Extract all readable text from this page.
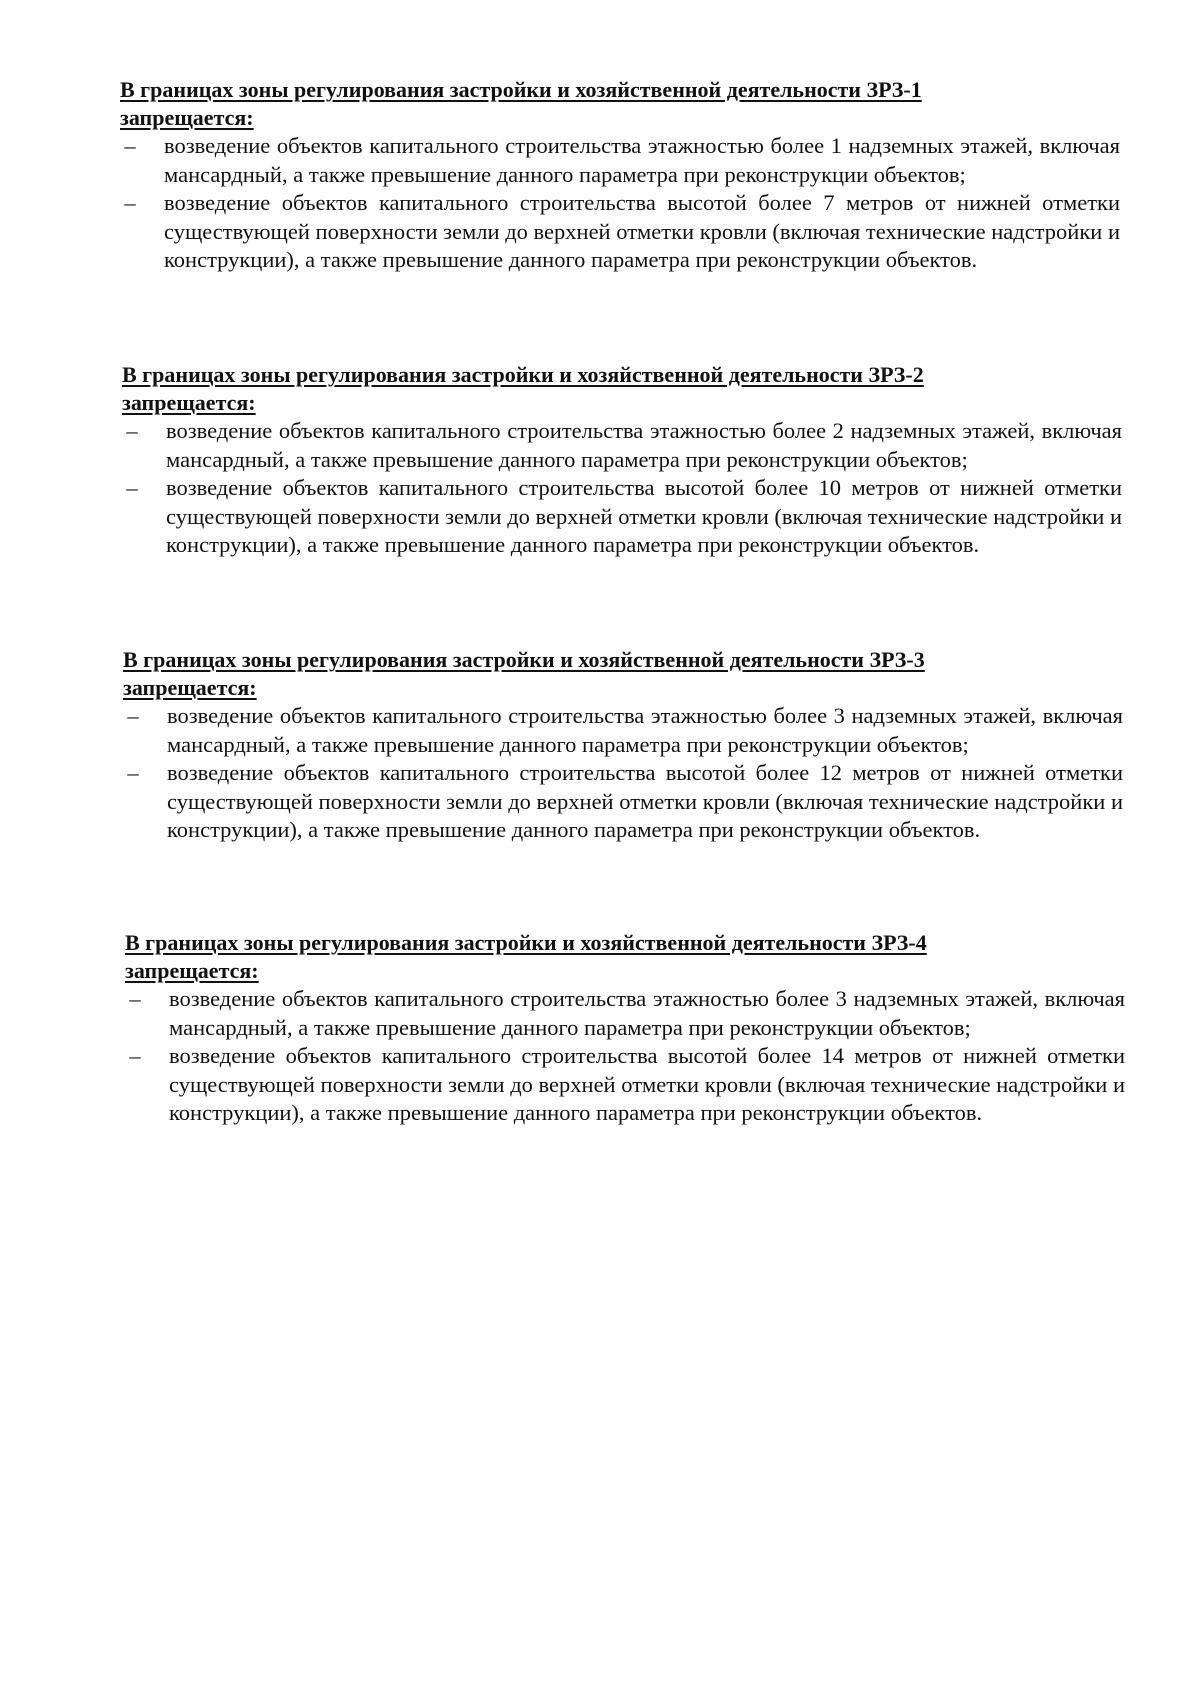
В границах зоны регулирования застройки и хозяйственной деятельности ЗРЗ-1

запрещается:

– возведение объектов капитального строительства этажностью более 1 надземных этажей, включая мансардный, а также превышение данного параметра при реконструкции объектов;
– возведение объектов капитального строительства высотой более 7 метров от нижней отметки существующей поверхности земли до верхней отметки кровли (включая технические надстройки и конструкции), а также превышение данного параметра при реконструкции объектов.

В границах зоны регулирования застройки и хозяйственной деятельности ЗРЗ-2

запрещается:

– возведение объектов капитального строительства этажностью более 2 надземных этажей, включая мансардный, а также превышение данного параметра при реконструкции объектов;
– возведение объектов капитального строительства высотой более 10 метров от нижней отметки существующей поверхности земли до верхней отметки кровли (включая технические надстройки и конструкции), а также превышение данного параметра при реконструкции объектов.

В границах зоны регулирования застройки и хозяйственной деятельности ЗРЗ-3

запрещается:

– возведение объектов капитального строительства этажностью более 3 надземных этажей, включая мансардный, а также превышение данного параметра при реконструкции объектов;
– возведение объектов капитального строительства высотой более 12 метров от нижней отметки существующей поверхности земли до верхней отметки кровли (включая технические надстройки и конструкции), а также превышение данного параметра при реконструкции объектов.

В границах зоны регулирования застройки и хозяйственной деятельности ЗРЗ-4

запрещается:

– возведение объектов капитального строительства этажностью более 3 надземных этажей, включая мансардный, а также превышение данного параметра при реконструкции объектов;
– возведение объектов капитального строительства высотой более 14 метров от нижней отметки существующей поверхности земли до верхней отметки кровли (включая технические надстройки и конструкции), а также превышение данного параметра при реконструкции объектов.
